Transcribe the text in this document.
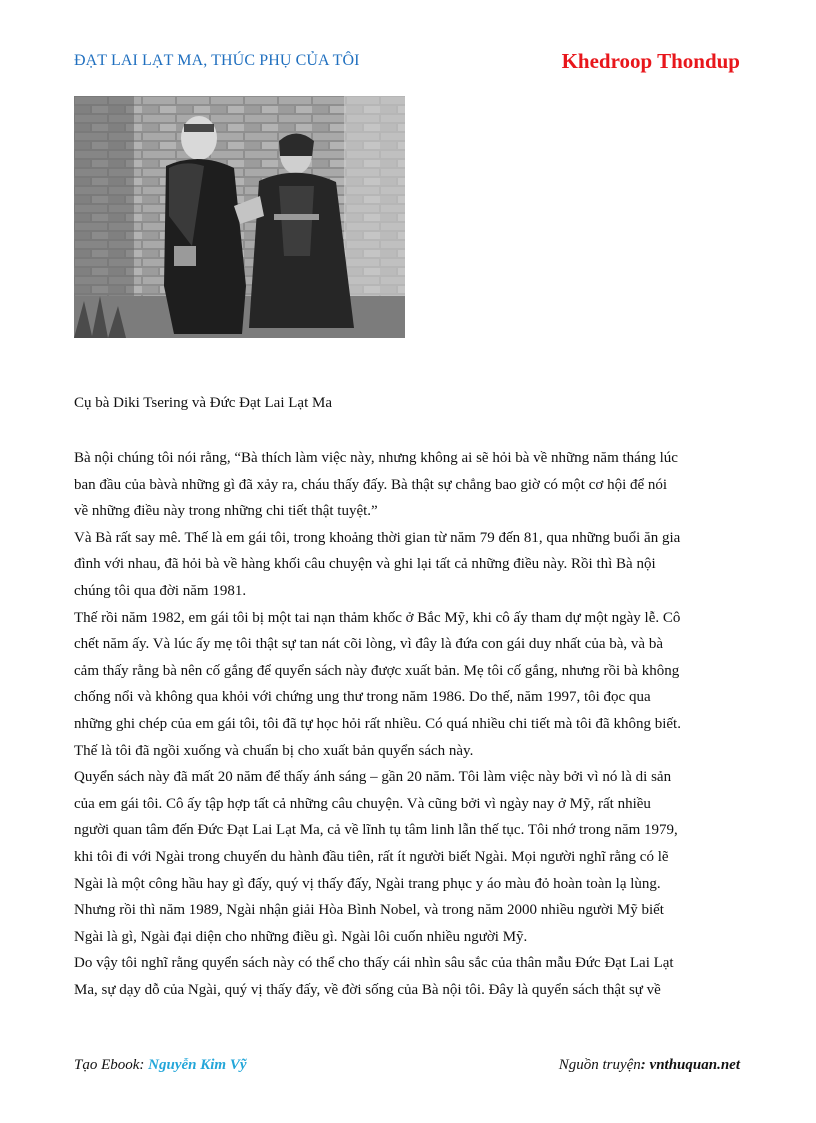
ĐẠT LAI LẠT MA, THÚC PHỤ CỦA TÔI	Khedroop Thondup
Cụ bà Diki Tsering và Đức Đạt Lai Lạt Ma

Bà nội chúng tôi nói rằng, “Bà thích làm việc này, nhưng không ai sẽ hỏi bà về những năm tháng lúc

ban đầu của bàvà những gì đã xảy ra, cháu thấy đấy. Bà thật sự chẳng bao giờ có một cơ hội để nói

về những điều này trong những chi tiết thật tuyệt.”

Và Bà rất say mê. Thế là em gái tôi, trong khoảng thời gian từ năm 79 đến 81, qua những buổi ăn gia

đình với nhau, đã hỏi bà về hàng khối câu chuyện và ghi lại tất cả những điều này. Rồi thì Bà nội

chúng tôi qua đời năm 1981.

Thế rồi năm 1982, em gái tôi bị một tai nạn thảm khốc ở Bắc Mỹ, khi cô ấy tham dự một ngày lễ. Cô

chết năm ấy. Và lúc ấy mẹ tôi thật sự tan nát cõi lòng, vì đây là đứa con gái duy nhất của bà, và bà

cảm thấy rằng bà nên cố gắng để quyển sách này được xuất bản. Mẹ tôi cố gắng, nhưng rồi bà không

chống nổi và không qua khỏi với chứng ung thư trong năm 1986. Do thế, năm 1997, tôi đọc qua

những ghi chép của em gái tôi, tôi đã tự học hỏi rất nhiều. Có quá nhiều chi tiết mà tôi đã không biết.

Thế là tôi đã ngồi xuống và chuẩn bị cho xuất bản quyển sách này.

Quyển sách này đã mất 20 năm để thấy ánh sáng – gần 20 năm. Tôi làm việc này bởi vì nó là di sản

của em gái tôi. Cô ấy tập hợp tất cả những câu chuyện. Và cũng bởi vì ngày nay ở Mỹ, rất nhiều

người quan tâm đến Đức Đạt Lai Lạt Ma, cả về lĩnh tụ tâm linh lẫn thế tục. Tôi nhớ trong năm 1979,

khi tôi đi với Ngài trong chuyến du hành đầu tiên, rất ít người biết Ngài. Mọi người nghĩ rằng có lẽ

Ngài là một công hầu hay gì đấy, quý vị thấy đấy, Ngài trang phục y áo màu đỏ hoàn toàn lạ lùng.

Nhưng rồi thì năm 1989, Ngài nhận giải Hòa Bình Nobel, và trong năm 2000 nhiều người Mỹ biết

Ngài là gì, Ngài đại diện cho những điều gì. Ngài lôi cuốn nhiều người Mỹ.

Do vậy tôi nghĩ rằng quyển sách này có thể cho thấy cái nhìn sâu sắc của thân mẫu Đức Đạt Lai Lạt

Ma, sự dạy dỗ của Ngài, quý vị thấy đấy, về đời sống của Bà nội tôi. Đây là quyển sách thật sự về

Tạo Ebook: Nguyễn Kim Vỹ	Nguồn truyện: vnthuquan.net
